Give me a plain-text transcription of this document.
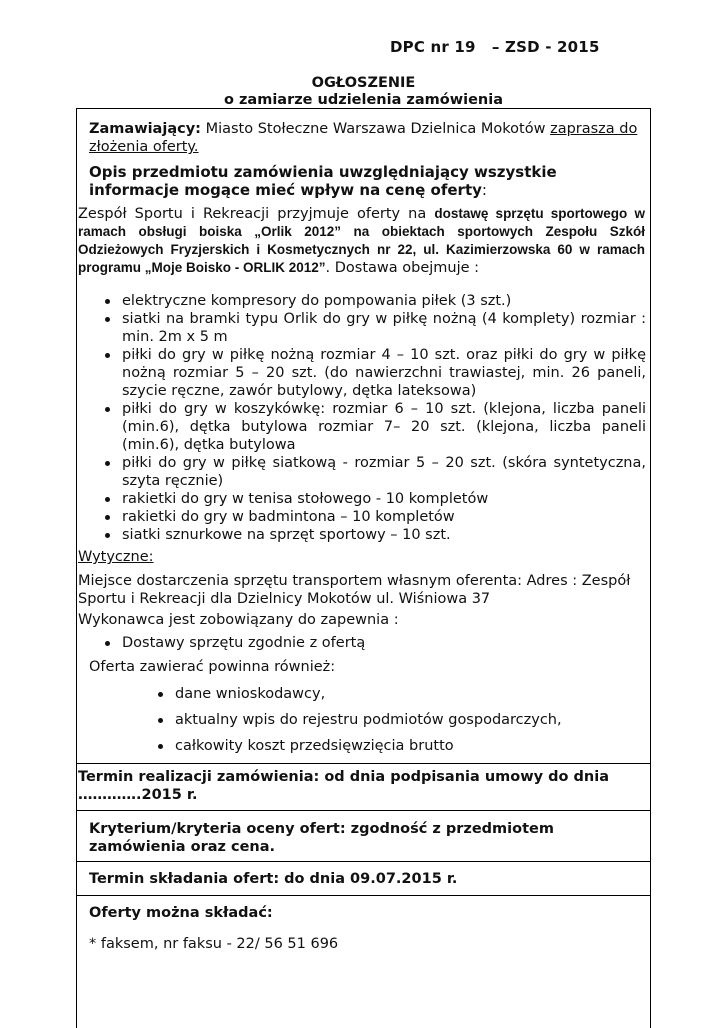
DPC nr 19   – ZSD - 2015
OGŁOSZENIE
o zamiarze udzielenia zamówienia
Zamawiający: Miasto Stołeczne Warszawa Dzielnica Mokotów zaprasza do złożenia oferty.
Opis przedmiotu zamówienia uwzględniający wszystkie informacje mogące mieć wpływ na cenę oferty:
Zespół Sportu i Rekreacji przyjmuje oferty na dostawę sprzętu sportowego w ramach obsługi boiska „Orlik 2012” na obiektach sportowych Zespołu Szkół Odzieżowych Fryzjerskich i Kosmetycznych nr 22, ul. Kazimierzowska 60 w ramach programu „Moje Boisko - ORLIK 2012”. Dostawa obejmuje :
elektryczne kompresory do pompowania piłek (3 szt.)
siatki na bramki typu Orlik do gry w piłkę nożną (4 komplety) rozmiar : min. 2m x 5 m
piłki do gry w piłkę nożną rozmiar 4 – 10 szt. oraz piłki do gry w piłkę nożną rozmiar 5 – 20 szt. (do nawierzchni trawiastej, min. 26 paneli, szycie ręczne, zawór butylowy, dętka lateksowa)
piłki do gry w koszykówkę: rozmiar 6 – 10 szt. (klejona, liczba paneli (min.6), dętka butylowa rozmiar 7– 20 szt. (klejona, liczba paneli (min.6), dętka butylowa
piłki do gry w piłkę siatkową - rozmiar 5 – 20 szt. (skóra syntetyczna, szyta ręcznie)
rakietki do gry w tenisa stołowego - 10 kompletów
rakietki do gry w badmintona – 10 kompletów
siatki sznurkowe na sprzęt sportowy – 10 szt.
Wytyczne:
Miejsce dostarczenia sprzętu transportem własnym oferenta: Adres : Zespół Sportu i Rekreacji dla Dzielnicy Mokotów ul. Wiśniowa 37
Wykonawca jest zobowiązany do zapewnia :
Dostawy sprzętu zgodnie z ofertą
Oferta zawierać powinna również:
dane wnioskodawcy,
aktualny wpis do rejestru podmiotów gospodarczych,
całkowity koszt przedsięwzięcia brutto
Termin realizacji zamówienia: od dnia podpisania umowy do dnia ………….2015 r.
Kryterium/kryteria oceny ofert: zgodność z przedmiotem zamówienia oraz cena.
Termin składania ofert: do dnia 09.07.2015 r.
Oferty można składać:
* faksem, nr faksu - 22/ 56 51 696
